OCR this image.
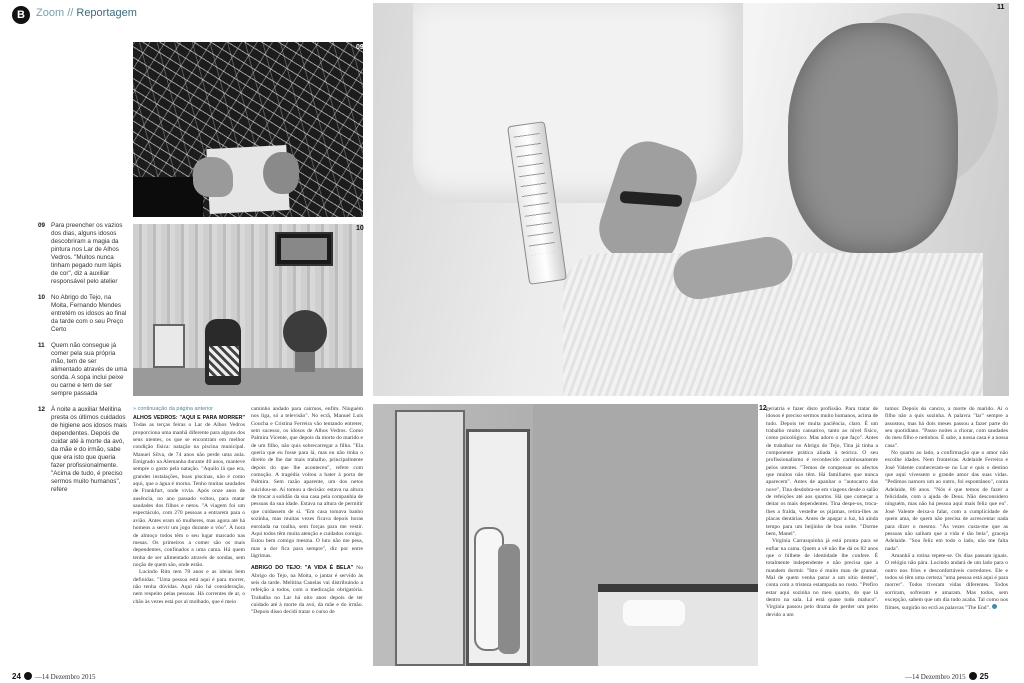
B	Zoom // Reportagem
09
10
11
12
09 Para preencher os vazios dos dias, alguns idosos descobriram a magia da pintura nos Lar de Alhos Vedros. "Muitos nunca tinham pegado num lápis de cor", diz a auxiliar responsável pelo atelier
10 No Abrigo do Tejo, na Moita, Fernando Mendes entretém os idosos ao final da tarde com o seu Preço Certo
11	Quem não consegue já comer pela sua própria mão, tem de ser alimentado através de uma sonda. A sopa inclui peixe ou carne e tem de ser sempre passada
12 À noite a auxiliar Melitina presta os últimos cuidados de higiene aos idosos mais dependentes. Depois de cuidar até à morte da avó, da mãe e do irmão, sabe que era isto que queria fazer profissionalmente. "Acima de tudo, é preciso sermos muito humanos", refere
» continuação da página anterior

ALHOS VEDROS: "AQUI É PARA MORRER" Todas as terças feiras o Lar de Alhos Vedros proporciona uma manhã diferente para alguns dos seus utentes, os que se encontram em melhor condição física: natação na piscina municipal. Manuel Silva, de 74 anos não perde uma aula. Emigrado na Alemanha durante 40 anos, manteve sempre o gosto pela natação. "Aquilo lá que era, grandes instalações, boas piscinas, não é como aqui, que a água é morna. Tenho muitas saudades de Frankfurt, onde vivia. Após onze anos de ausência, no ano passado voltou, para matar saudades dos filhos e netos. "A viagem foi um espectáculo, com 270 pessoas a entrarem para o avião. Antes eram só mulheres, mas agora até há homens a servir um jogo durante o vôo". À hora de almoço todos têm o seu lugar marcado nas mesas. Os primeiros a comer são os mais dependentes, confinados a uma cama. Há quem tenha de ser alimentado através de sondas, sem noção de quem são, onde estão.

Lucindo Rito tem 78 anos e as ideias bem definidas. "Uma pessoa está aqui é para morrer, não tenha dúvidas. Aqui não há consideração, nem respeito pelas pessoas. Há correntes de ar, o chão às vezes está por al molhado, que é meio

caminho andado para cairmos, enfim. Ninguém nos liga, só a televisão". No ecrã, Manuel Luís Goucha e Cristina Ferreira vão tentando entreter, sem sucesso, os idosos de Alhos Vedros. Como Palmira Vicente, que depois da morte do marido e de um filho, não quis sobrecarregar a filha. "Ela queria que eu fosse para lá, mas eu não tinha o direito de lhe dar mais trabalho, principalmente depois do que lhe aconteceu", refere com comoção. A tragédia voltou a bater à porta de Palmira. Sem razão aparente, um dos netos suicidou-se. Aí tomou a decisão: estava na altura de trocar a solidão da sua casa pela companhia de pessoas da sua idade. Estava na altura de permitir que cuidassem de si. "Em casa tomava banho sozinha, mas muitas vezes ficava depois horas enrolada na toalha, sem forças para me vestir. Aqui todos têm muita atenção e cuidados comigo. Estou bem comigo mesma. O luto não me pesa, mas a dor fica para sempre", diz por entre lágrimas.

ABRIGO DO TEJO: "A VIDA É BELA" No Abrigo do Tejo, na Moita, o jantar é servido às seis da tarde. Melitina Canelas vai distribuindo a refeição a todos, com a medicação obrigatória. Trabalha no Lar há oito anos depois de ter cuidado até à morte da avó, da mãe e do irmão. "Depois disso decidi tratar o curso de

geriatria e fazer disto profissão. Para tratar de idosos é preciso sermos muito humanos, acima de tudo. Depois ter muita paciência, claro. É um trabalho muito cansativo, tanto ao nível físico, como psicológico. Mas adoro o que faço". Antes de trabalhar no Abrigo do Tejo, Tina já tinha a componente prática aliada à teórica. O seu profissionalismo é reconhecido carinhosamente pelos utentes. "Temos de compensar os afectos que muitos não têm. Há familiares que nunca aparecem". Antes de apanhar o "autocarro das nove", Tina desdobra-se em viagens desde o salão de refeições até aos quartos. Há que começar a deitar os mais dependentes. Tina despe-os, troca-lhes a fralda, vestelhe os pijamas, retira-lhes as placas dentárias. Antes de apagar a luz, há ainda tempo para um beijinho de boa noite. "Dorme bem, Manel".

Virgínia Carrasquinha já está pronta para se enfiar na cama. Quem a vê não lhe dá os 82 anos que o bilhete de identidade lhe confere. É totalmente independente e não precisa que a mandem dormir. "Isto é muito mau de gramar. Mal de quem venha parar a um sítio destes", conta com a tristeza estampada no rosto. "Prefiro estar aqui sozinha no meu quarto, do que lá dentro na sala. Lá está quase tudo maluco". Virgínia passou pelo drama de perder um peito devido a um

tumor. Depois do cancro, a morte do marido. Aí o filho não a quis sozinha. A palavra "lar" sempre a assustou, mas há dois meses passou a fazer parte do seu quotidiano. "Passo noites a chorar, com saudades do meu filho e netinhos. É sabe, a nossa casa é a nossa casa".

No quarto ao lado, a confirmação que o amor não escolhe idades. Nem fronteiras. Adelaide Ferreira e José Valente conheceram-se no Lar e quis o destino que aqui vivessem o grande amor das suas vidas. "Pedimos namoro um ao outro, foi espontâneo", conta Adelaide, 86 anos. "Nós é que temos de fazer a felicidade, com a ajuda de Deus. Não desconsidero ninguém, mas não há pessoa aqui mais feliz que eu". José Valente deixa-a falar, com a cumplicidade de quem ama, de quem não precisa de acrescentar nada para dizer o mesmo. "Às vezes custa-me que as pessoas não saibam que a vida é tão bela", graceja Adelaide. "Sou feliz em todo o lado, não me falta nada".

Amanhã a rotina repete-se. Os dias passam iguais. O relógio não pára. Lucindo andará de um lado para o outro nos frios e desconfortáveis corredores. Ele e todos só têm uma certeza "uma pessoa está aqui é para morrer". Todos tiveram vidas diferentes. Todos sorriram, sofreram e amaram. Mas todos, sem excepção, sabem que um dia tudo acaba. Tal como nos filmes, surgirão no ecrã as palavras "The End".

24 —14 Dezembro 2015	—14 Dezembro 2015 25
